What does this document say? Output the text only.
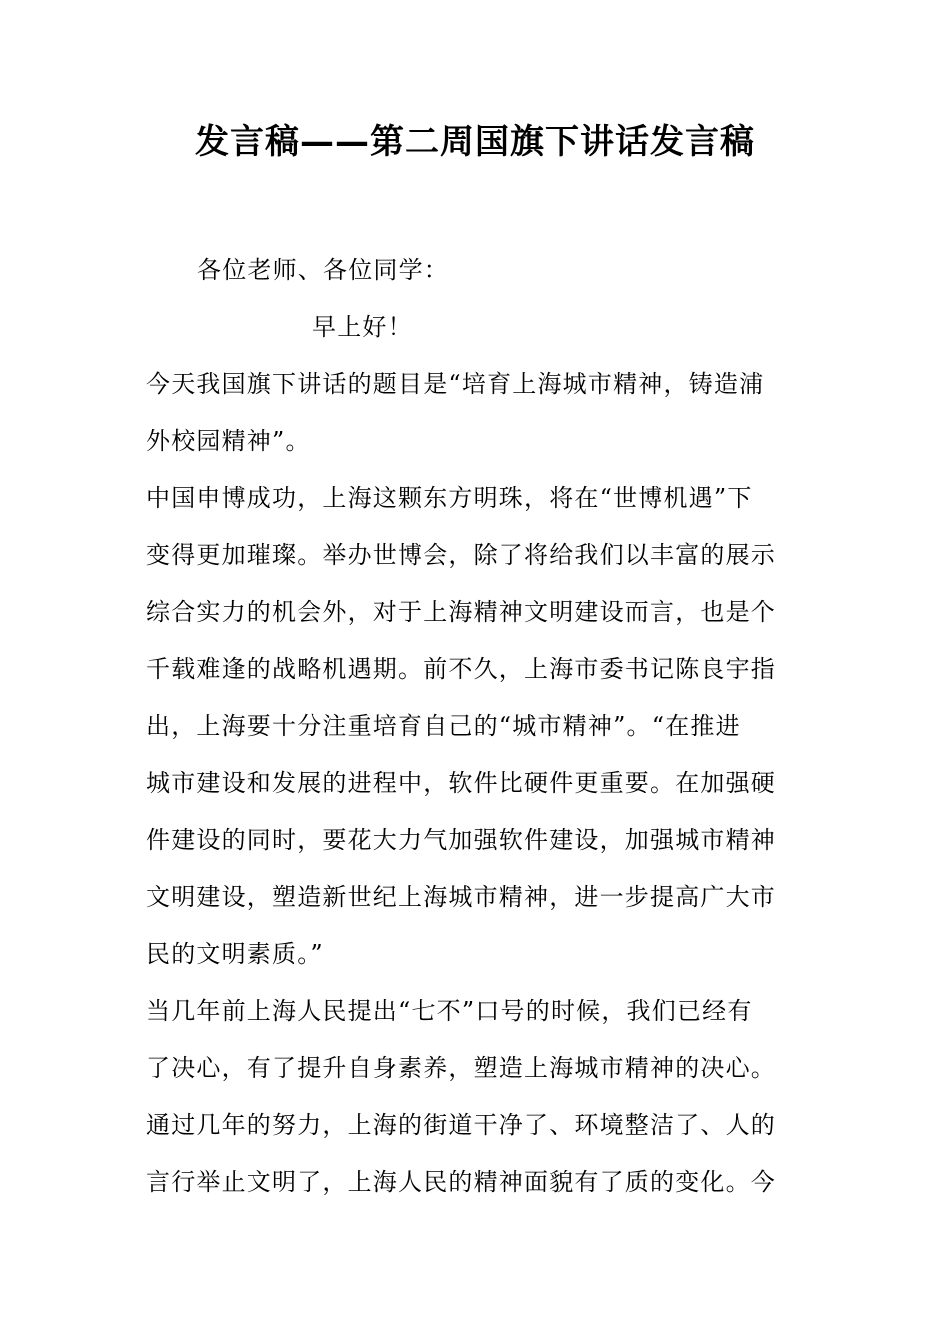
发言稿——第二周国旗下讲话发言稿

各位老师、各位同学：

早上好！

今天我国旗下讲话的题目是“培育上海城市精神，铸造浦

外校园精神”。

中国申博成功，上海这颗东方明珠，将在“世博机遇”下

变得更加璀璨。举办世博会，除了将给我们以丰富的展示

综合实力的机会外，对于上海精神文明建设而言，也是个

千载难逢的战略机遇期。前不久，上海市委书记陈良宇指

出，上海要十分注重培育自己的“城市精神”。“在推进

城市建设和发展的进程中，软件比硬件更重要。在加强硬

件建设的同时，要花大力气加强软件建设，加强城市精神

文明建设，塑造新世纪上海城市精神，进一步提高广大市

民的文明素质。”

当几年前上海人民提出“七不”口号的时候，我们已经有

了决心，有了提升自身素养，塑造上海城市精神的决心。

通过几年的努力，上海的街道干净了、环境整洁了、人的

言行举止文明了，上海人民的精神面貌有了质的变化。今
